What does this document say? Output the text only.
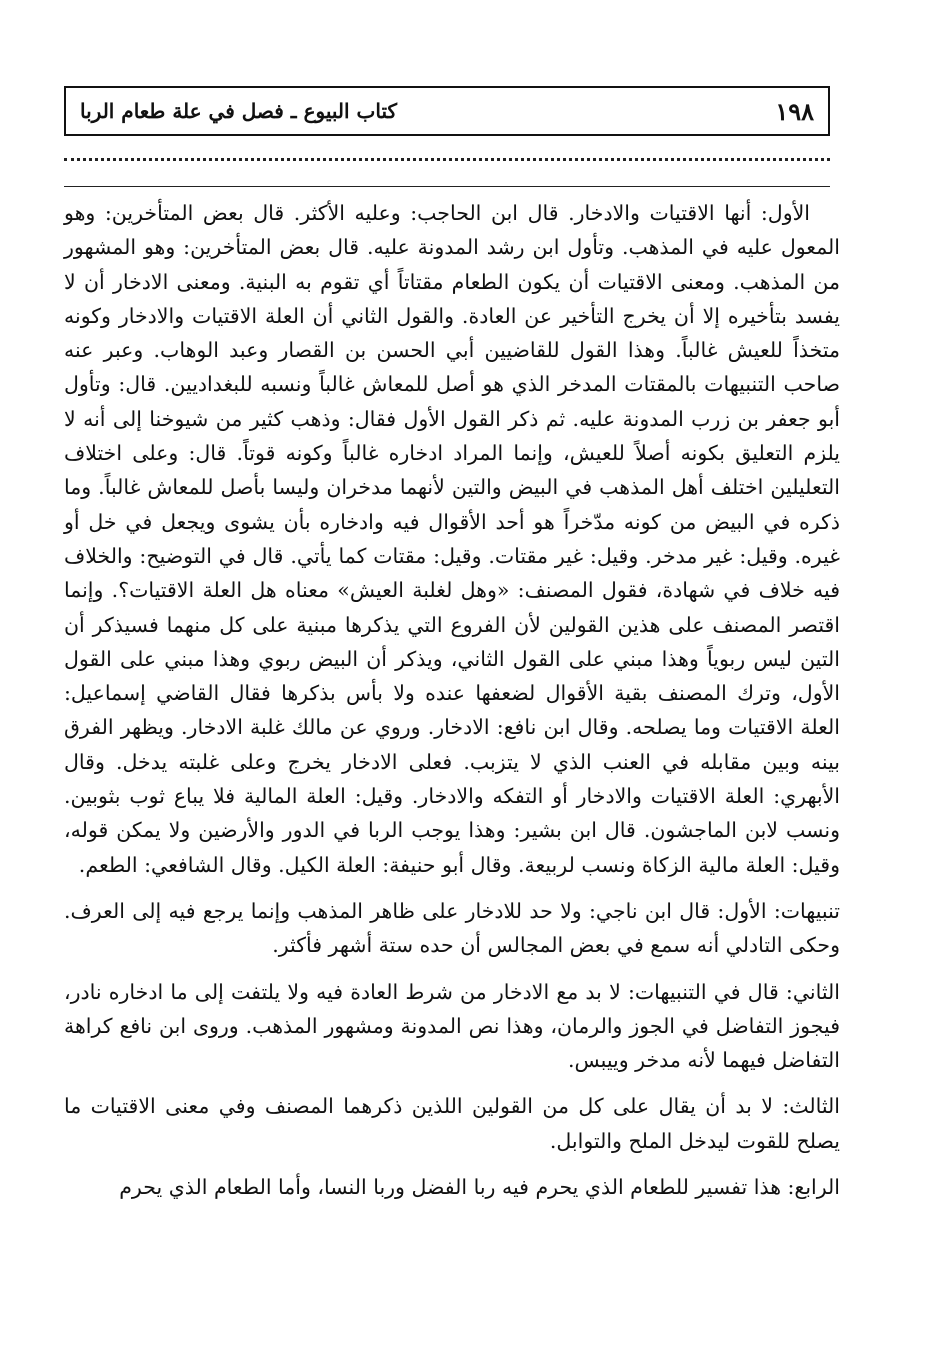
كتاب البيوع ـ فصل في علة طعام الربا	١٩٨

الأول: أنها الاقتيات والادخار. قال ابن الحاجب: وعليه الأكثر. قال بعض المتأخرين: وهو المعول عليه في المذهب. وتأول ابن رشد المدونة عليه. قال بعض المتأخرين: وهو المشهور من المذهب. ومعنى الاقتيات أن يكون الطعام مقتاتاً أي تقوم به البنية. ومعنى الادخار أن لا يفسد بتأخيره إلا أن يخرج التأخير عن العادة. والقول الثاني أن العلة الاقتيات والادخار وكونه متخذاً للعيش غالباً. وهذا القول للقاضيين أبي الحسن بن القصار وعبد الوهاب. وعبر عنه صاحب التنبيهات بالمقتات المدخر الذي هو أصل للمعاش غالباً ونسبه للبغداديين. قال: وتأول أبو جعفر بن زرب المدونة عليه. ثم ذكر القول الأول فقال: وذهب كثير من شيوخنا إلى أنه لا يلزم التعليق بكونه أصلاً للعيش، وإنما المراد ادخاره غالباً وكونه قوتاً. قال: وعلى اختلاف التعليلين اختلف أهل المذهب في البيض والتين لأنهما مدخران وليسا بأصل للمعاش غالباً. وما ذكره في البيض من كونه مدّخراً هو أحد الأقوال فيه وادخاره بأن يشوى ويجعل في خل أو غيره. وقيل: غير مدخر. وقيل: غير مقتات. وقيل: مقتات كما يأتي. قال في التوضيح: والخلاف فيه خلاف في شهادة، فقول المصنف: «وهل لغلبة العيش» معناه هل العلة الاقتيات؟. وإنما اقتصر المصنف على هذين القولين لأن الفروع التي يذكرها مبنية على كل منهما فسيذكر أن التين ليس ربوياً وهذا مبني على القول الثاني، ويذكر أن البيض ربوي وهذا مبني على القول الأول، وترك المصنف بقية الأقوال لضعفها عنده ولا بأس بذكرها فقال القاضي إسماعيل: العلة الاقتيات وما يصلحه. وقال ابن نافع: الادخار. وروي عن مالك غلبة الادخار. ويظهر الفرق بينه وبين مقابله في العنب الذي لا يتزبب. فعلى الادخار يخرج وعلى غلبته يدخل. وقال الأبهري: العلة الاقتيات والادخار أو التفكه والادخار. وقيل: العلة المالية فلا يباع ثوب بثوبين. ونسب لابن الماجشون. قال ابن بشير: وهذا يوجب الربا في الدور والأرضين ولا يمكن قوله، وقيل: العلة مالية الزكاة ونسب لربيعة. وقال أبو حنيفة: العلة الكيل. وقال الشافعي: الطعم.

تنبيهات: الأول: قال ابن ناجي: ولا حد للادخار على ظاهر المذهب وإنما يرجع فيه إلى العرف. وحكى التادلي أنه سمع في بعض المجالس أن حده ستة أشهر فأكثر.

الثاني: قال في التنبيهات: لا بد مع الادخار من شرط العادة فيه ولا يلتفت إلى ما ادخاره نادر، فيجوز التفاضل في الجوز والرمان، وهذا نص المدونة ومشهور المذهب. وروى ابن نافع كراهة التفاضل فيهما لأنه مدخر وييبس.

الثالث: لا بد أن يقال على كل من القولين اللذين ذكرهما المصنف وفي معنى الاقتيات ما يصلح للقوت ليدخل الملح والتوابل.

الرابع: هذا تفسير للطعام الذي يحرم فيه ربا الفضل وربا النسا، وأما الطعام الذي يحرم
